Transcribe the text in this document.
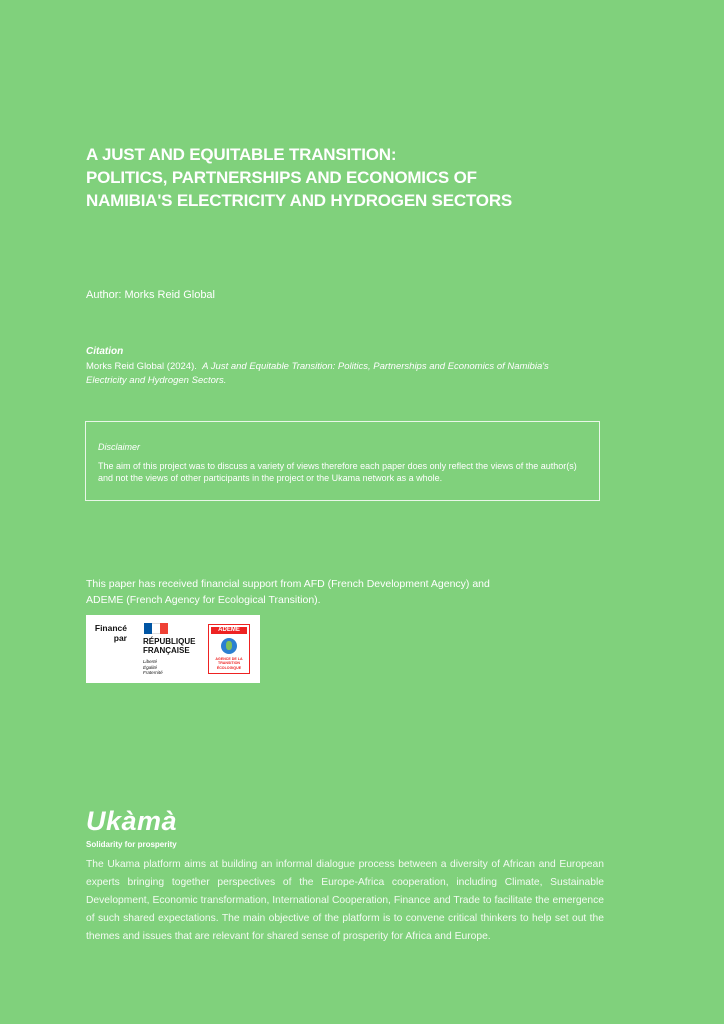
A JUST AND EQUITABLE TRANSITION:
POLITICS, PARTNERSHIPS AND ECONOMICS OF
NAMIBIA'S ELECTRICITY AND HYDROGEN SECTORS
Author: Morks Reid Global
Citation
Morks Reid Global (2024). A Just and Equitable Transition: Politics, Partnerships and Economics of Namibia's Electricity and Hydrogen Sectors.
Disclaimer
The aim of this project was to discuss a variety of views therefore each paper does only reflect the views of the author(s) and not the views of other participants in the project or the Ukama network as a whole.
This paper has received financial support from AFD (French Development Agency) and ADEME (French Agency for Ecological Transition).
Financé
par RÉPUBLIQUE
FRANÇAISE
Liberté
Égalité
Fraternité
ADEME
AGENCE DE LA TRANSITION ÉCOLOGIQUE
Ukàmà
Solidarity for prosperity
The Ukama platform aims at building an informal dialogue process between a diversity of African and European experts bringing together perspectives of the Europe-Africa cooperation, including Climate, Sustainable Development, Economic transformation, International Cooperation, Finance and Trade to facilitate the emergence of such shared expectations. The main objective of the platform is to convene critical thinkers to help set out the themes and issues that are relevant for shared sense of prosperity for Africa and Europe.
